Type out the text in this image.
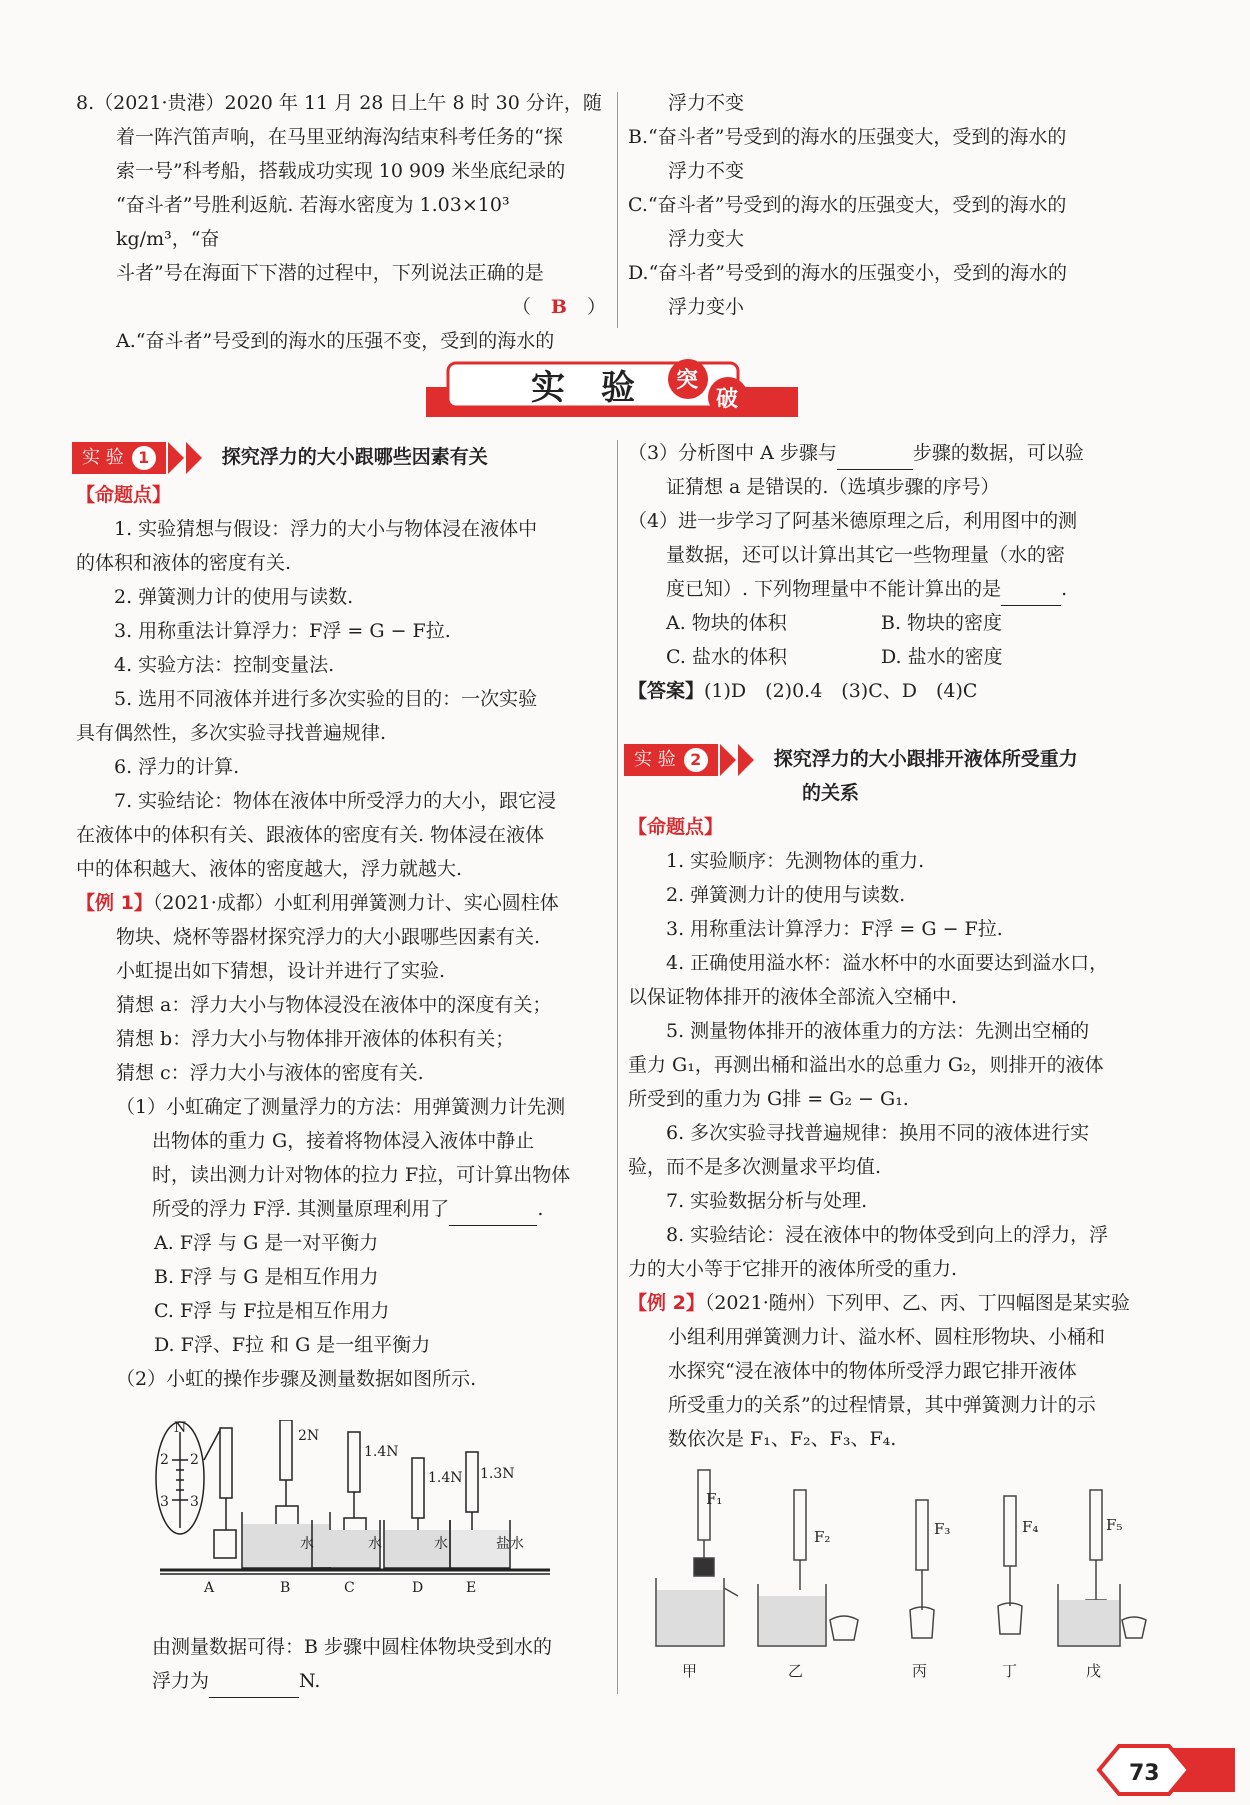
8.（2021·贵港）2020 年 11 月 28 日上午 8 时 30 分许，随

着一阵汽笛声响，在马里亚纳海沟结束科考任务的“探

索一号”科考船，搭载成功实现 10 909 米坐底纪录的

“奋斗者”号胜利返航. 若海水密度为 1.03×10³ kg/m³，“奋

斗者”号在海面下下潜的过程中，下列说法正确的是

（ B ）

A.“奋斗者”号受到的海水的压强不变，受到的海水的

浮力不变

B.“奋斗者”号受到的海水的压强变大，受到的海水的

浮力不变

C.“奋斗者”号受到的海水的压强变大，受到的海水的

浮力变大

D.“奋斗者”号受到的海水的压强变小，受到的海水的

浮力变小

实 验 突
破

实 验 1	探究浮力的大小跟哪些因素有关

【命题点】

1. 实验猜想与假设：浮力的大小与物体浸在液体中

的体积和液体的密度有关.

2. 弹簧测力计的使用与读数.

3. 用称重法计算浮力：F浮 = G − F拉.

4. 实验方法：控制变量法.

5. 选用不同液体并进行多次实验的目的：一次实验

具有偶然性，多次实验寻找普遍规律.

6. 浮力的计算.

7. 实验结论：物体在液体中所受浮力的大小，跟它浸

在液体中的体积有关、跟液体的密度有关. 物体浸在液体

中的体积越大、液体的密度越大，浮力就越大.

【例 1】（2021·成都）小虹利用弹簧测力计、实心圆柱体

物块、烧杯等器材探究浮力的大小跟哪些因素有关.

小虹提出如下猜想，设计并进行了实验.

猜想 a：浮力大小与物体浸没在液体中的深度有关；

猜想 b：浮力大小与物体排开液体的体积有关；

猜想 c：浮力大小与液体的密度有关.

（1）小虹确定了测量浮力的方法：用弹簧测力计先测

出物体的重力 G，接着将物体浸入液体中静止

时，读出测力计对物体的拉力 F拉，可计算出物体

所受的浮力 F浮. 其测量原理利用了	.

A. F浮 与 G 是一对平衡力

B. F浮 与 G 是相互作用力

C. F浮 与 F拉是相互作用力

D. F浮、F拉 和 G 是一组平衡力

（2）小虹的操作步骤及测量数据如图所示.

N
2 2
3 3
A	B	C	D	E
2N
1.4N
1.4N 1.3N
水	水	水	盐水

由测量数据可得：B 步骤中圆柱体物块受到水的

浮力为	N.

（3）分析图中 A 步骤与	步骤的数据，可以验

证猜想 a 是错误的.（选填步骤的序号）

（4）进一步学习了阿基米德原理之后，利用图中的测

量数据，还可以计算出其它一些物理量（水的密

度已知）. 下列物理量中不能计算出的是	.

A. 物块的体积	B. 物块的密度

C. 盐水的体积	D. 盐水的密度

【答案】(1)D　(2)0.4　(3)C、D　(4)C

实 验 2	探究浮力的大小跟排开液体所受重力

的关系

【命题点】

1. 实验顺序：先测物体的重力.

2. 弹簧测力计的使用与读数.

3. 用称重法计算浮力：F浮 = G − F拉.

4. 正确使用溢水杯：溢水杯中的水面要达到溢水口，

以保证物体排开的液体全部流入空桶中.

5. 测量物体排开的液体重力的方法：先测出空桶的

重力 G₁，再测出桶和溢出水的总重力 G₂，则排开的液体

所受到的重力为 G排 = G₂ − G₁.

6. 多次实验寻找普遍规律：换用不同的液体进行实

验，而不是多次测量求平均值.

7. 实验数据分析与处理.

8. 实验结论：浸在液体中的物体受到向上的浮力，浮

力的大小等于它排开的液体所受的重力.

【例 2】（2021·随州）下列甲、乙、丙、丁四幅图是某实验

小组利用弹簧测力计、溢水杯、圆柱形物块、小桶和

水探究“浸在液体中的物体所受浮力跟它排开液体

所受重力的关系”的过程情景，其中弹簧测力计的示

数依次是 F₁、F₂、F₃、F₄.

F₁
甲
F₂
乙
F₃
丙
F₄
丁
F₅
戊
73
